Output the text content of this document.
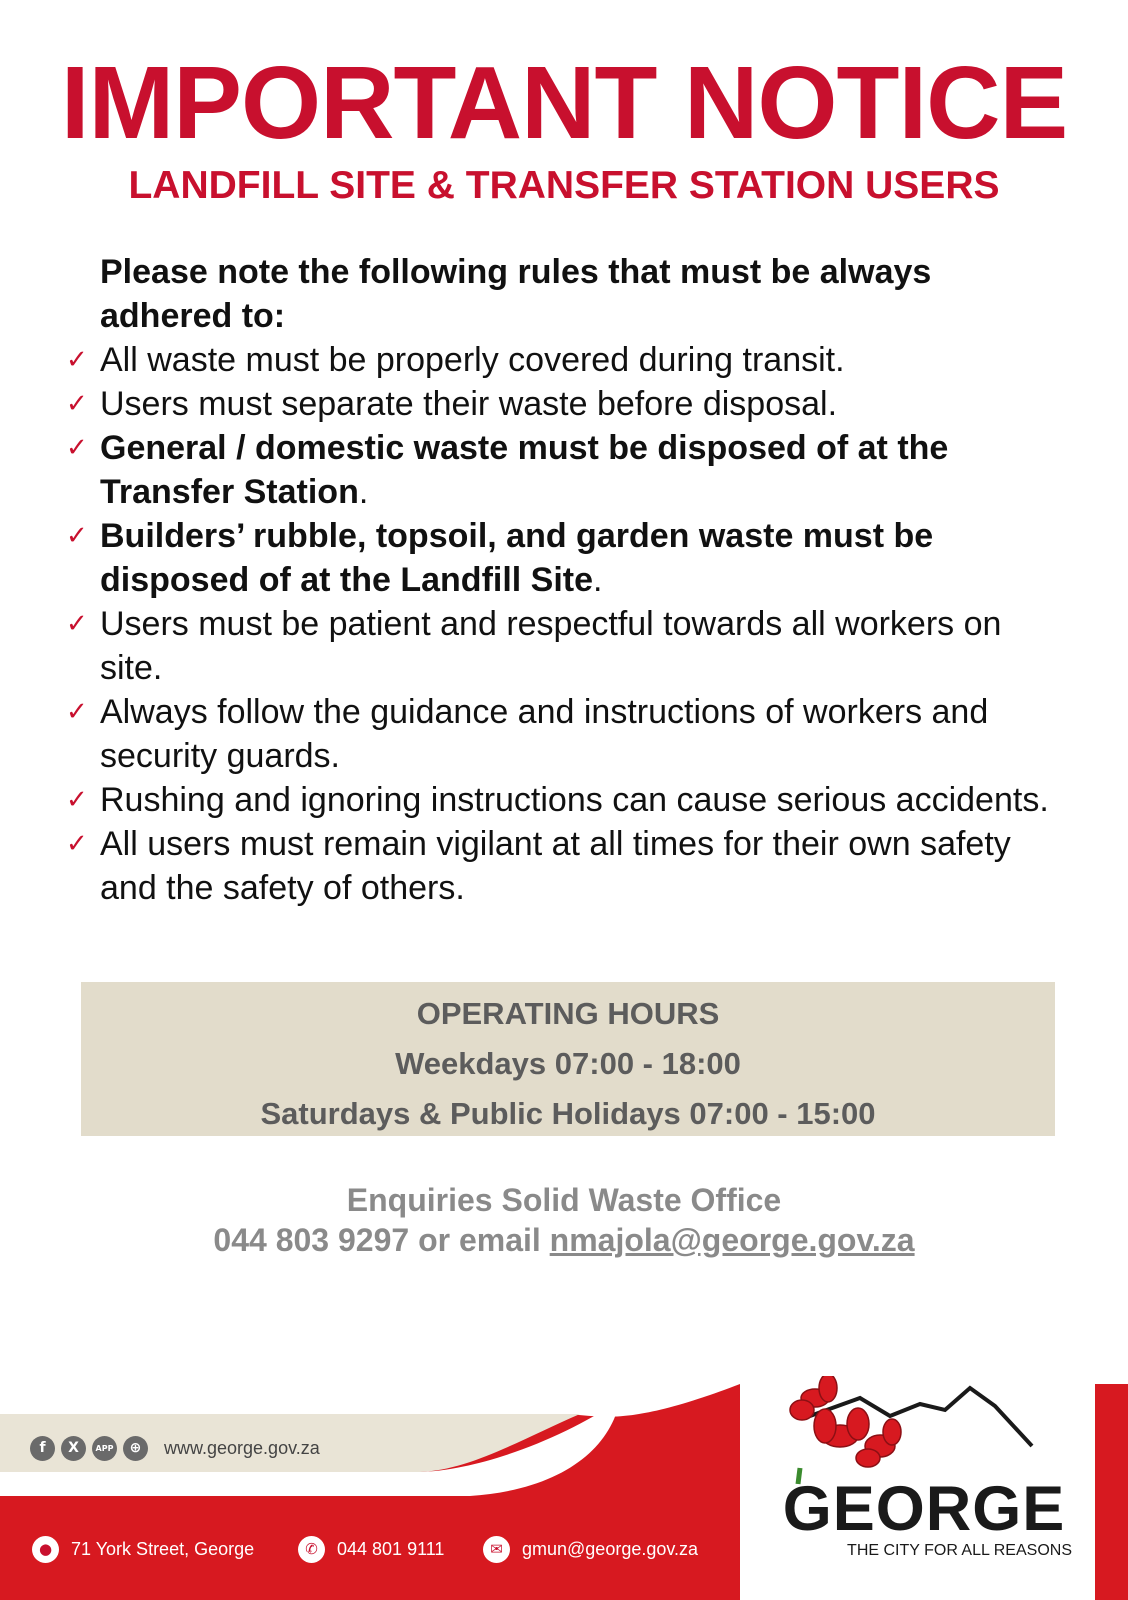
IMPORTANT NOTICE
LANDFILL SITE & TRANSFER STATION USERS
Please note the following rules that must be always adhered to:
✓ All waste must be properly covered during transit.
✓ Users must separate their waste before disposal.
✓ General / domestic waste must be disposed of at the Transfer Station.
✓ Builders’ rubble, topsoil, and garden waste must be disposed of at the Landfill Site.
✓ Users must be patient and respectful towards all workers on site.
✓ Always follow the guidance and instructions of workers and security guards.
✓ Rushing and ignoring instructions can cause serious accidents.
✓ All users must remain vigilant at all times for their own safety and the safety of others.
OPERATING HOURS
Weekdays 07:00 - 18:00
Saturdays & Public Holidays 07:00 - 15:00
Enquiries Solid Waste Office
044 803 9297 or email nmajola@george.gov.za
f	X	APP	⊕	www.george.gov.za
●	71 York Street, George	✆	044 801 9111	✉	gmun@george.gov.za
GEORGE
THE CITY FOR ALL REASONS
